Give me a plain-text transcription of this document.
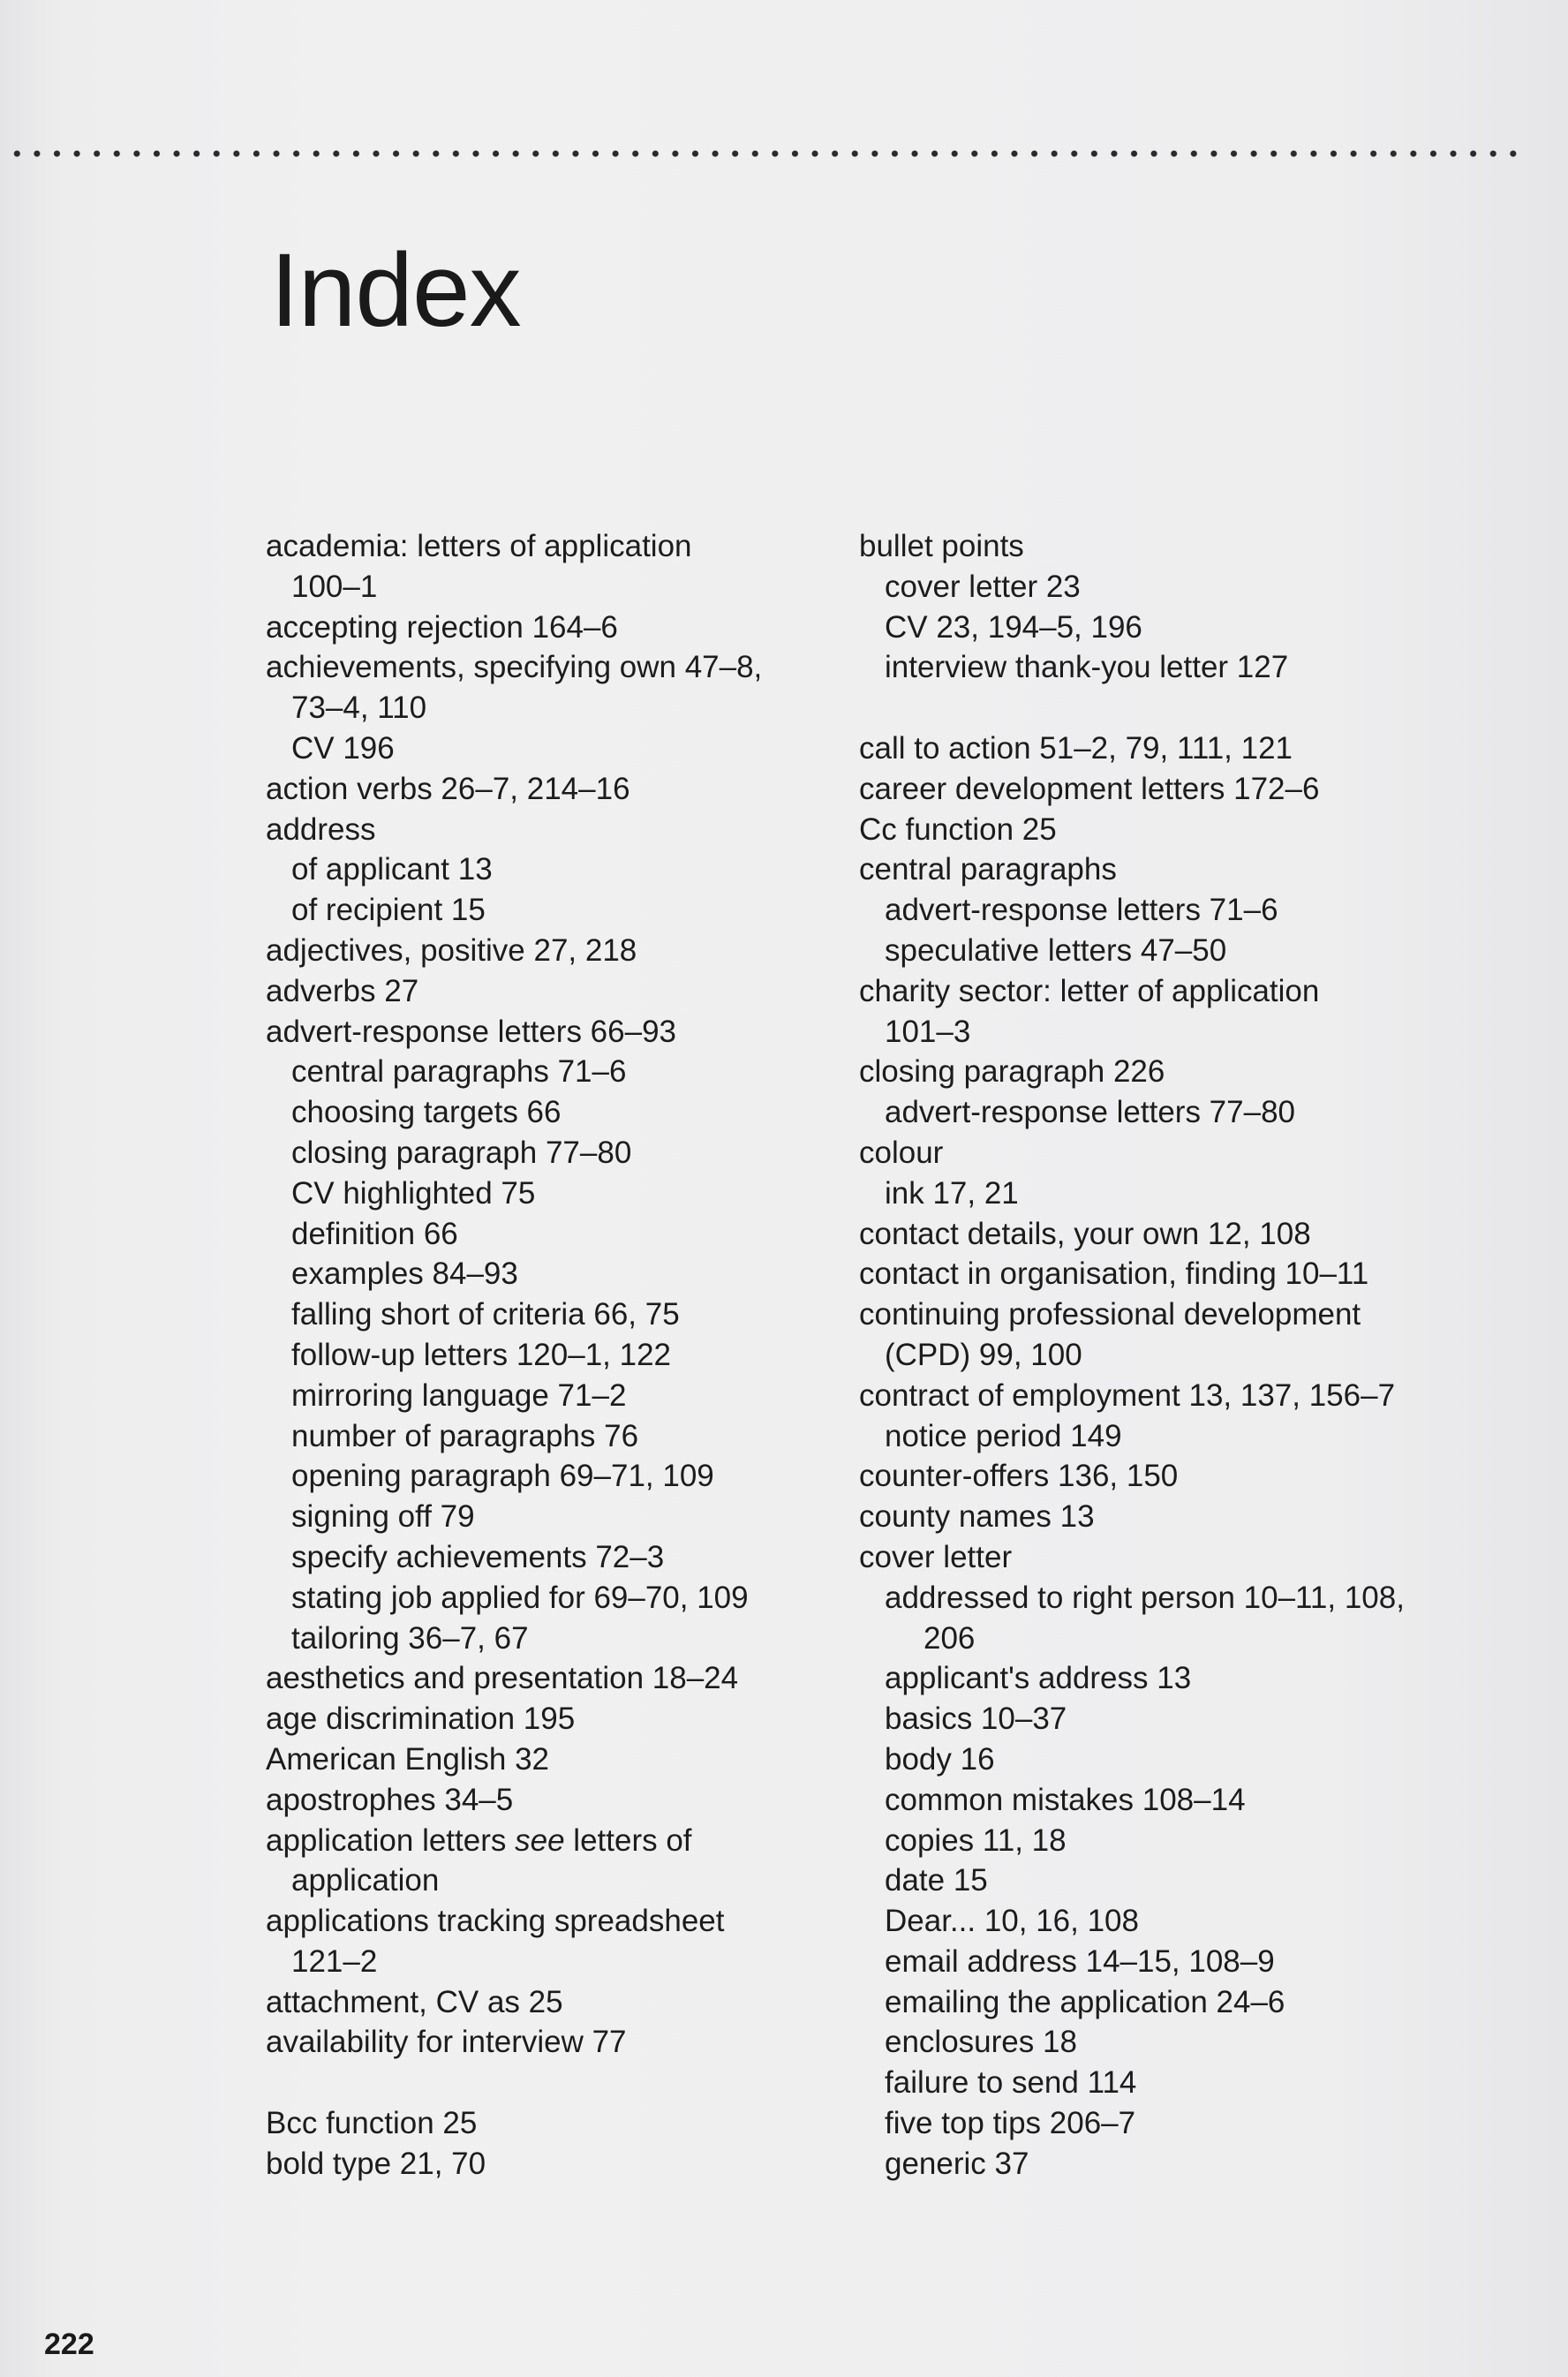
Index
academia: letters of application
100–1
accepting rejection 164–6
achievements, specifying own 47–8,
73–4, 110
CV 196
action verbs 26–7, 214–16
address
of applicant 13
of recipient 15
adjectives, positive 27, 218
adverbs 27
advert-response letters 66–93
central paragraphs 71–6
choosing targets 66
closing paragraph 77–80
CV highlighted 75
definition 66
examples 84–93
falling short of criteria 66, 75
follow-up letters 120–1, 122
mirroring language 71–2
number of paragraphs 76
opening paragraph 69–71, 109
signing off 79
specify achievements 72–3
stating job applied for 69–70, 109
tailoring 36–7, 67
aesthetics and presentation 18–24
age discrimination 195
American English 32
apostrophes 34–5
application letters see letters of
application
applications tracking spreadsheet
121–2
attachment, CV as 25
availability for interview 77
Bcc function 25
bold type 21, 70
bullet points
cover letter 23
CV 23, 194–5, 196
interview thank-you letter 127
call to action 51–2, 79, 111, 121
career development letters 172–6
Cc function 25
central paragraphs
advert-response letters 71–6
speculative letters 47–50
charity sector: letter of application
101–3
closing paragraph 226
advert-response letters 77–80
colour
ink 17, 21
contact details, your own 12, 108
contact in organisation, finding 10–11
continuing professional development
(CPD) 99, 100
contract of employment 13, 137, 156–7
notice period 149
counter-offers 136, 150
county names 13
cover letter
addressed to right person 10–11, 108,
206
applicant's address 13
basics 10–37
body 16
common mistakes 108–14
copies 11, 18
date 15
Dear... 10, 16, 108
email address 14–15, 108–9
emailing the application 24–6
enclosures 18
failure to send 114
five top tips 206–7
generic 37
222
